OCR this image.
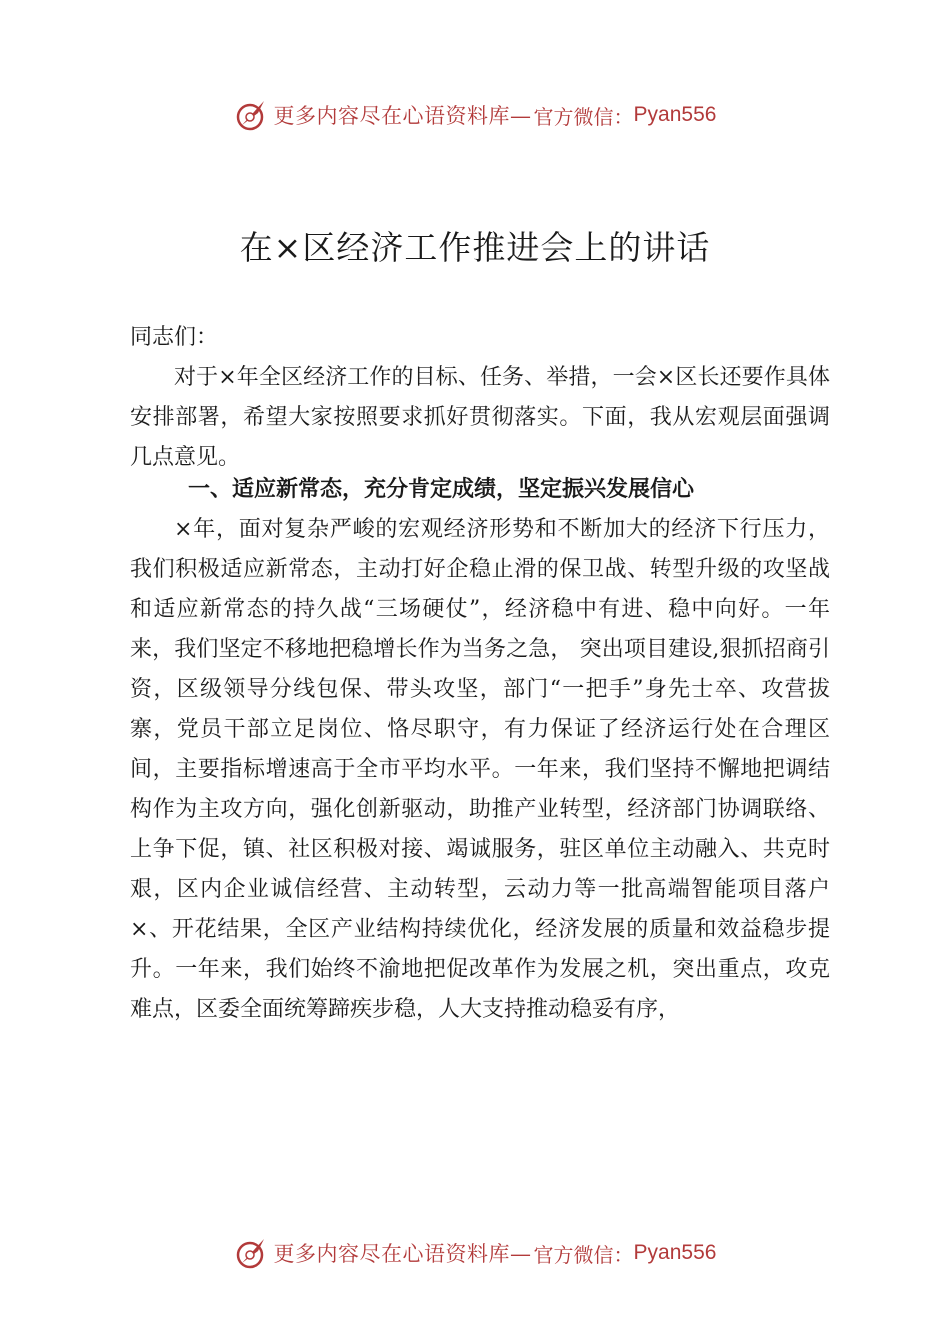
更多内容尽在心语资料库— 官方微信： Pyan556
在×区经济工作推进会上的讲话

同志们：

对于×年全区经济工作的目标、任务、举措，一会×区长还要作具体安排部署，希望大家按照要求抓好贯彻落实。下面，我从宏观层面强调几点意见。

一、适应新常态，充分肯定成绩，坚定振兴发展信心

×年，面对复杂严峻的宏观经济形势和不断加大的经济下行压力，我们积极适应新常态，主动打好企稳止滑的保卫战、转型升级的攻坚战和适应新常态的持久战“三场硬仗”，经济稳中有进、稳中向好。一年来，我们坚定不移地把稳增长作为当务之急， 突出项目建设,狠抓招商引资，区级领导分线包保、带头攻坚，部门“一把手”身先士卒、攻营拔寨，党员干部立足岗位、恪尽职守，有力保证了经济运行处在合理区间，主要指标增速高于全市平均水平。一年来，我们坚持不懈地把调结构作为主攻方向，强化创新驱动，助推产业转型，经济部门协调联络、上争下促，镇、社区积极对接、竭诚服务，驻区单位主动融入、共克时艰，区内企业诚信经营、主动转型，云动力等一批高端智能项目落户×、开花结果，全区产业结构持续优化，经济发展的质量和效益稳步提升。一年来，我们始终不渝地把促改革作为发展之机，突出重点，攻克难点，区委全面统筹蹄疾步稳，人大支持推动稳妥有序，

更多内容尽在心语资料库— 官方微信： Pyan556
